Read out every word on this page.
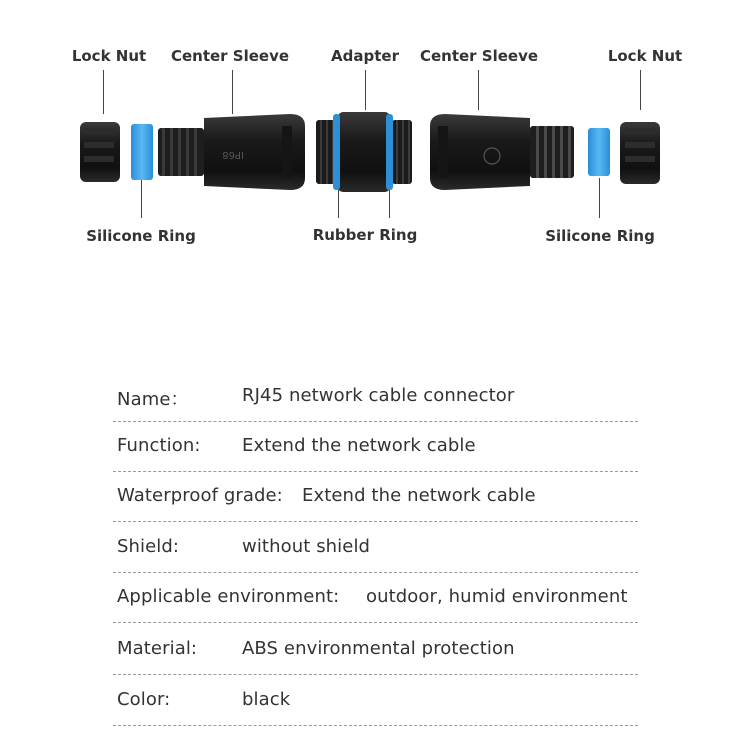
Lock Nut Center Sleeve	Adapter Center Sleeve	Lock Nut
Silicone Ring	Rubber Ring	Silicone Ring
IP68
Name：	RJ45 network cable connector
Function: Extend the network cable
Waterproof grade: Extend the network cable
Shield:	without shield
Applicable environment: outdoor, humid environment
Material: ABS environmental protection
Color:	black
